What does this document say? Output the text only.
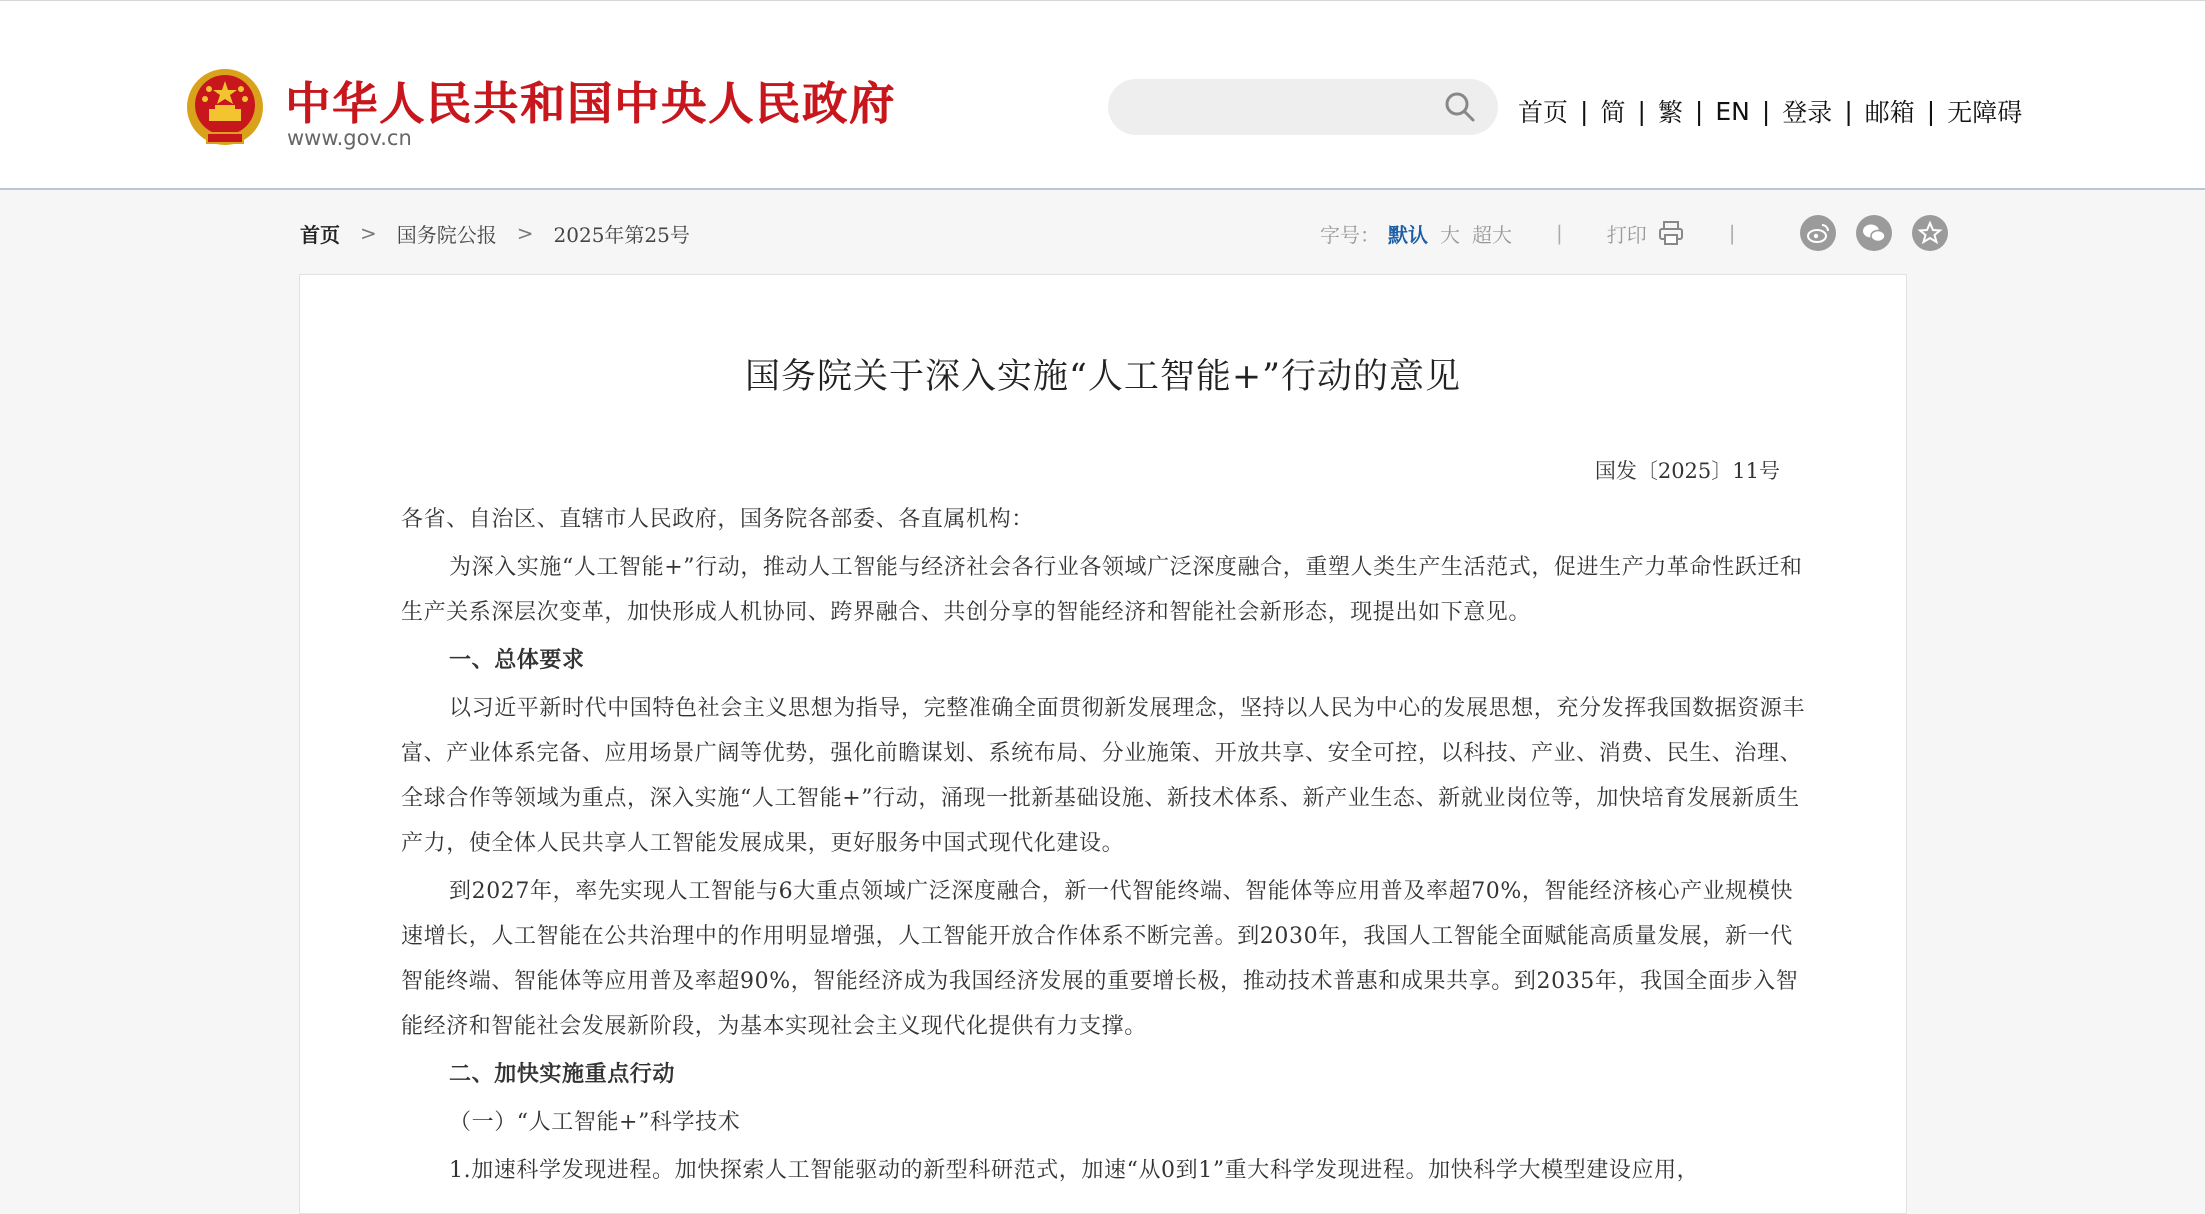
中华人民共和国中央人民政府
www.gov.cn
首页 | 简 | 繁 | EN | 登录 | 邮箱 | 无障碍
首页	>	国务院公报	>	2025年第25号	字号： 默认 大 超大 | 打印	|
国务院关于深入实施“人工智能+”行动的意见
国发〔2025〕11号

各省、自治区、直辖市人民政府，国务院各部委、各直属机构：

为深入实施“人工智能+”行动，推动人工智能与经济社会各行业各领域广泛深度融合，重塑人类生产生活范式，促进生产力革命性跃迁和生产关系深层次变革，加快形成人机协同、跨界融合、共创分享的智能经济和智能社会新形态，现提出如下意见。

一、总体要求

以习近平新时代中国特色社会主义思想为指导，完整准确全面贯彻新发展理念，坚持以人民为中心的发展思想，充分发挥我国数据资源丰富、产业体系完备、应用场景广阔等优势，强化前瞻谋划、系统布局、分业施策、开放共享、安全可控，以科技、产业、消费、民生、治理、全球合作等领域为重点，深入实施“人工智能+”行动，涌现一批新基础设施、新技术体系、新产业生态、新就业岗位等，加快培育发展新质生产力，使全体人民共享人工智能发展成果，更好服务中国式现代化建设。

到2027年，率先实现人工智能与6大重点领域广泛深度融合，新一代智能终端、智能体等应用普及率超70%，智能经济核心产业规模快速增长，人工智能在公共治理中的作用明显增强，人工智能开放合作体系不断完善。到2030年，我国人工智能全面赋能高质量发展，新一代智能终端、智能体等应用普及率超90%，智能经济成为我国经济发展的重要增长极，推动技术普惠和成果共享。到2035年，我国全面步入智能经济和智能社会发展新阶段，为基本实现社会主义现代化提供有力支撑。

二、加快实施重点行动

（一）“人工智能+”科学技术

1.加速科学发现进程。加快探索人工智能驱动的新型科研范式，加速“从0到1”重大科学发现进程。加快科学大模型建设应用，
